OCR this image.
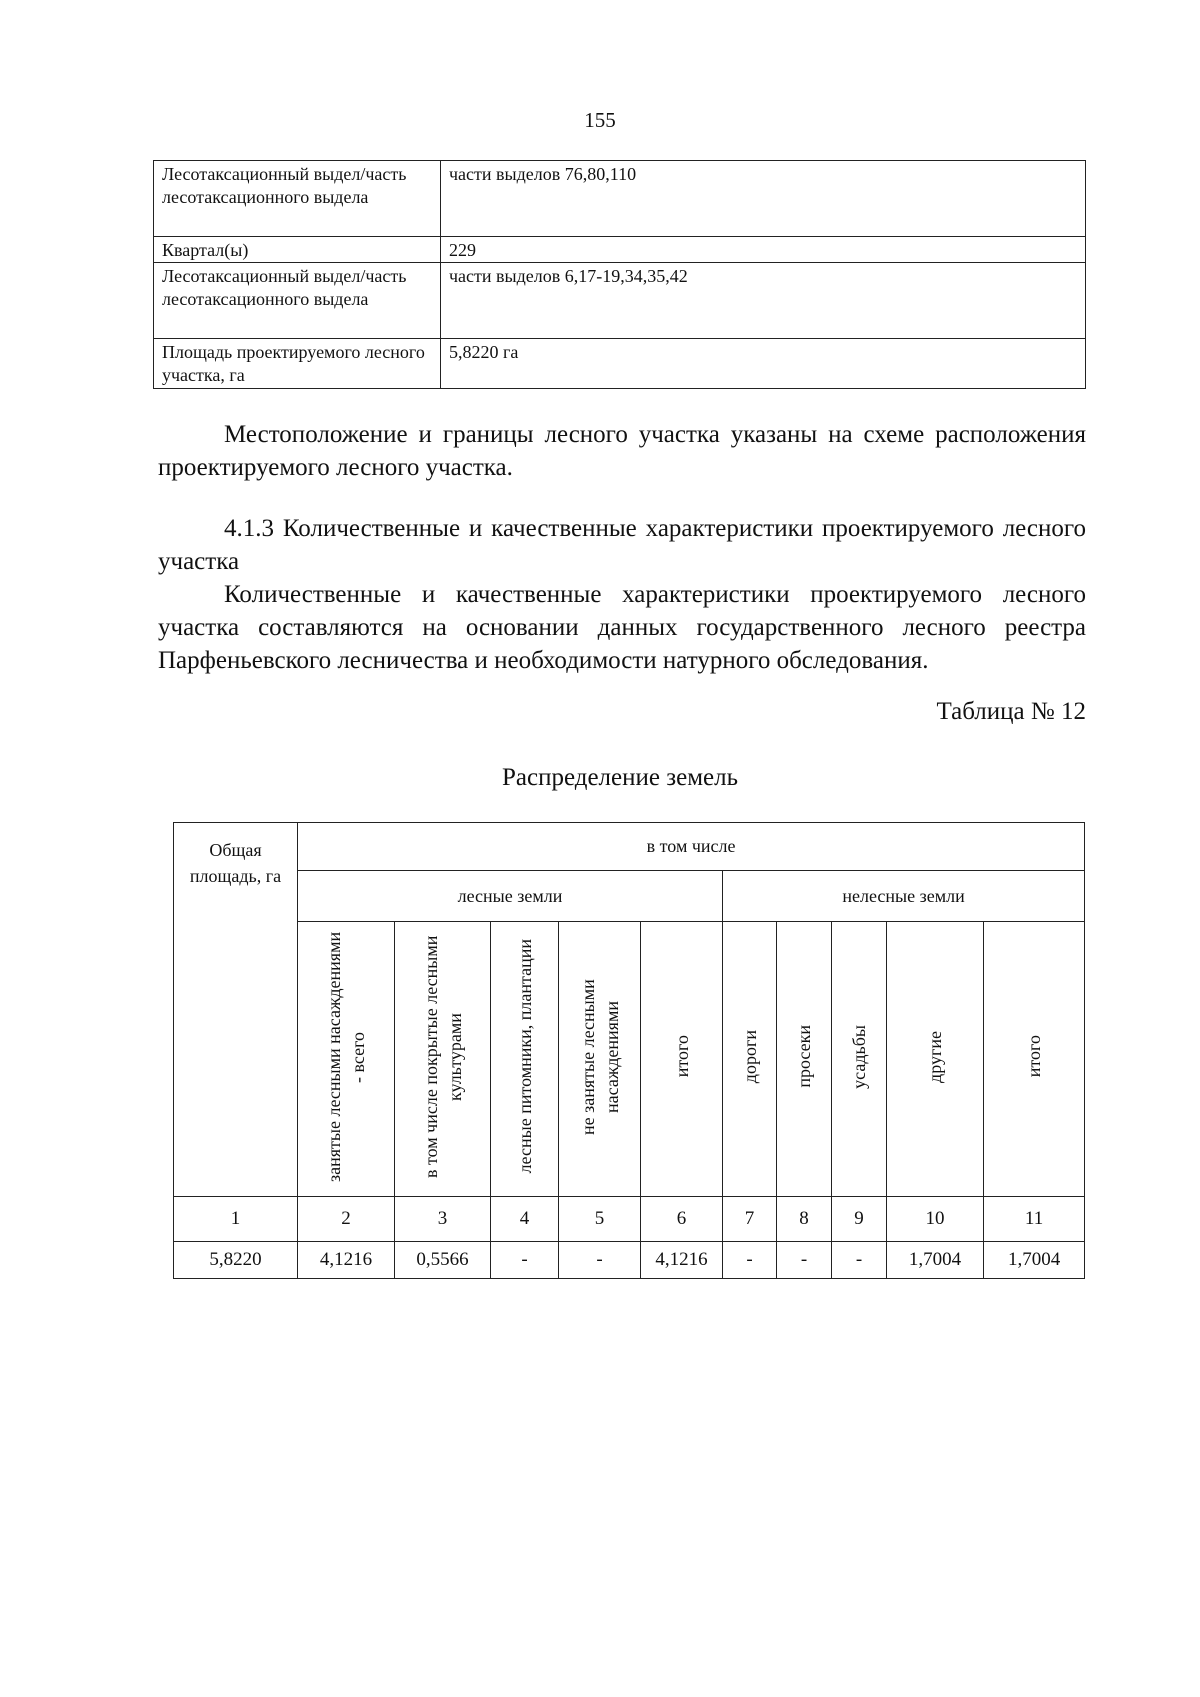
155
Лесотаксационный выдел/часть лесотаксационного выдела	части выделов 76,80,110
Квартал(ы)	229
Лесотаксационный выдел/часть лесотаксационного выдела	части выделов 6,17-19,34,35,42
Площадь проектируемого лесного участка, га	5,8220 га
Местоположение и границы лесного участка указаны на схеме расположения проектируемого лесного участка.
4.1.3 Количественные и качественные характеристики проектируемого лесного участка
Количественные и качественные характеристики проектируемого лесного участка составляются на основании данных государственного лесного реестра Парфеньевского лесничества и необходимости натурного обследования.
Таблица № 12
Распределение земель
Общая площадь, га	в том числе									
	лесные земли					нелесные земли				
	занятые лесными насаждениями - всего	в том числе покрытые лесными культурами	лесные питомники, плантации	не занятые лесными насаждениями	итого	дороги	просеки	усадьбы	другие	итого
1	2	3	4	5	6	7	8	9	10	11
5,8220	4,1216	0,5566	-	-	4,1216	-	-	-	1,7004	1,7004
